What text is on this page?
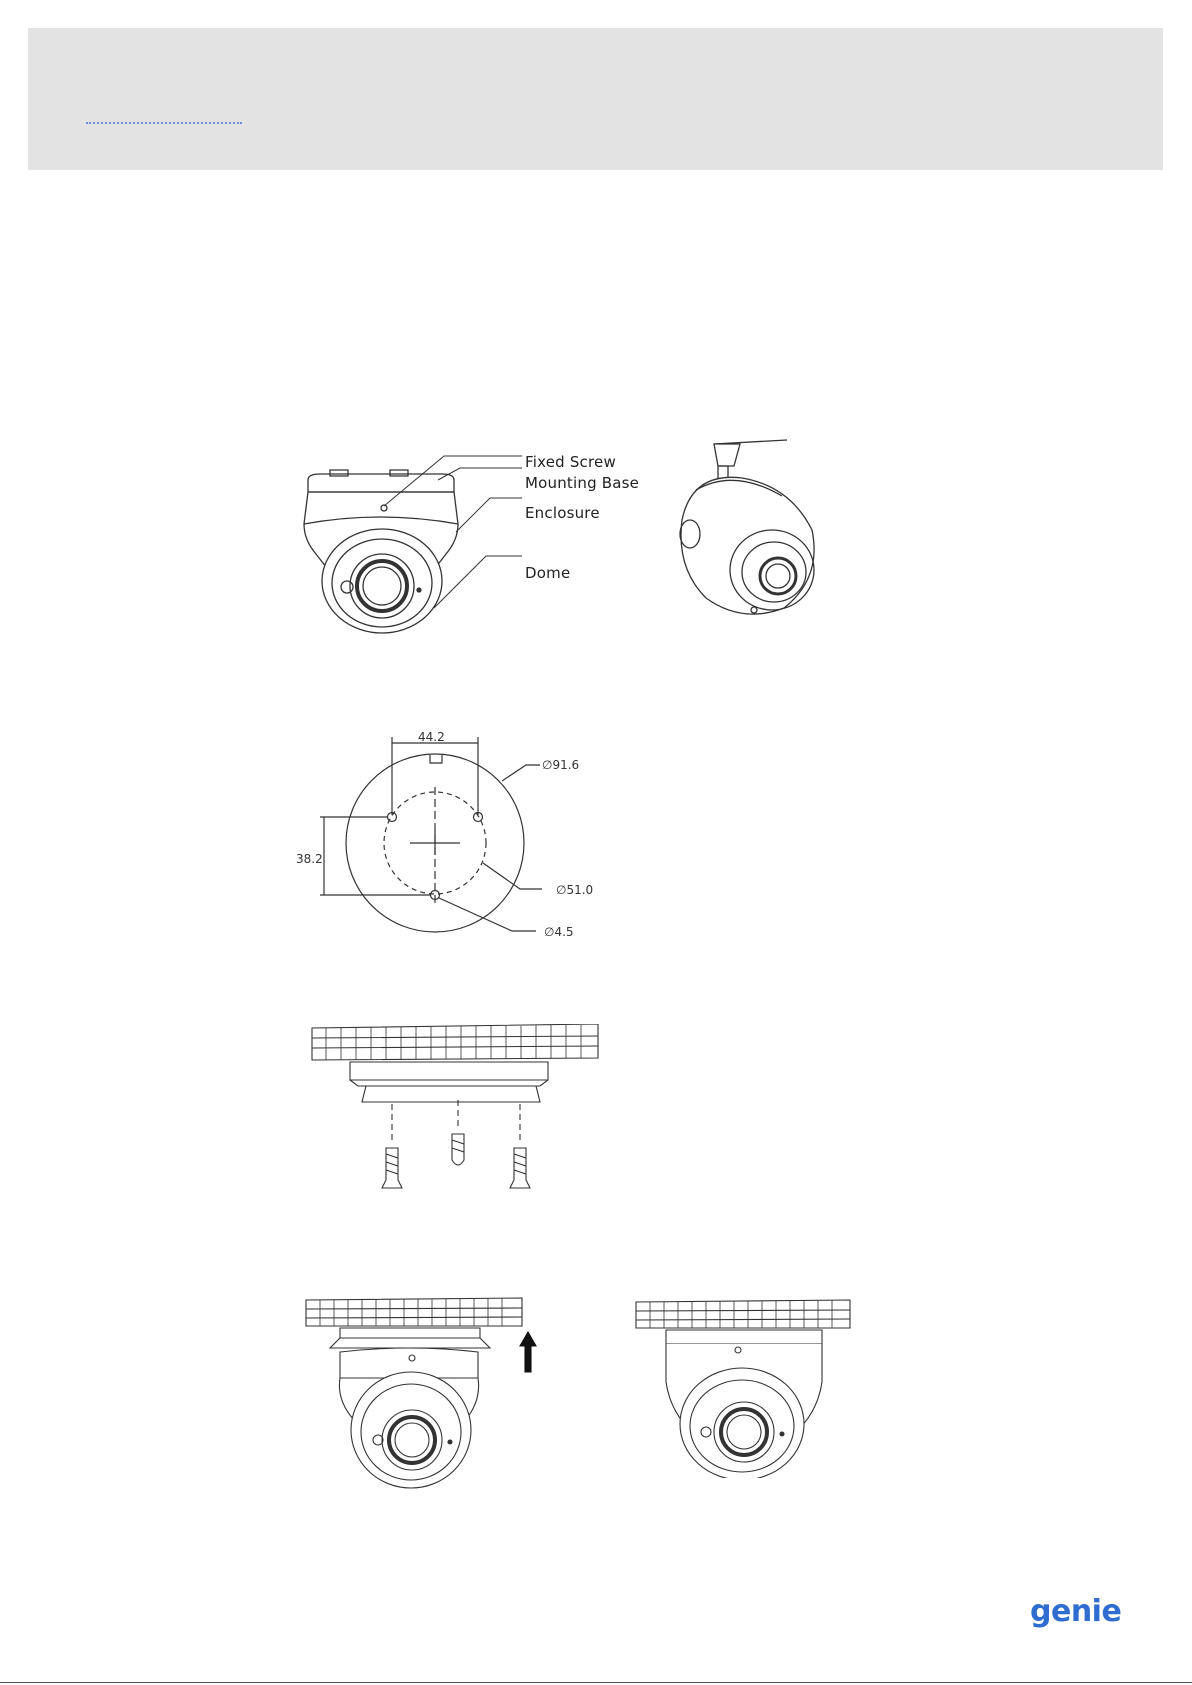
Fixed Screw
Mounting Base
Enclosure
Dome
44.2
38.2
∅91.6
∅51.0
∅4.5
genie
